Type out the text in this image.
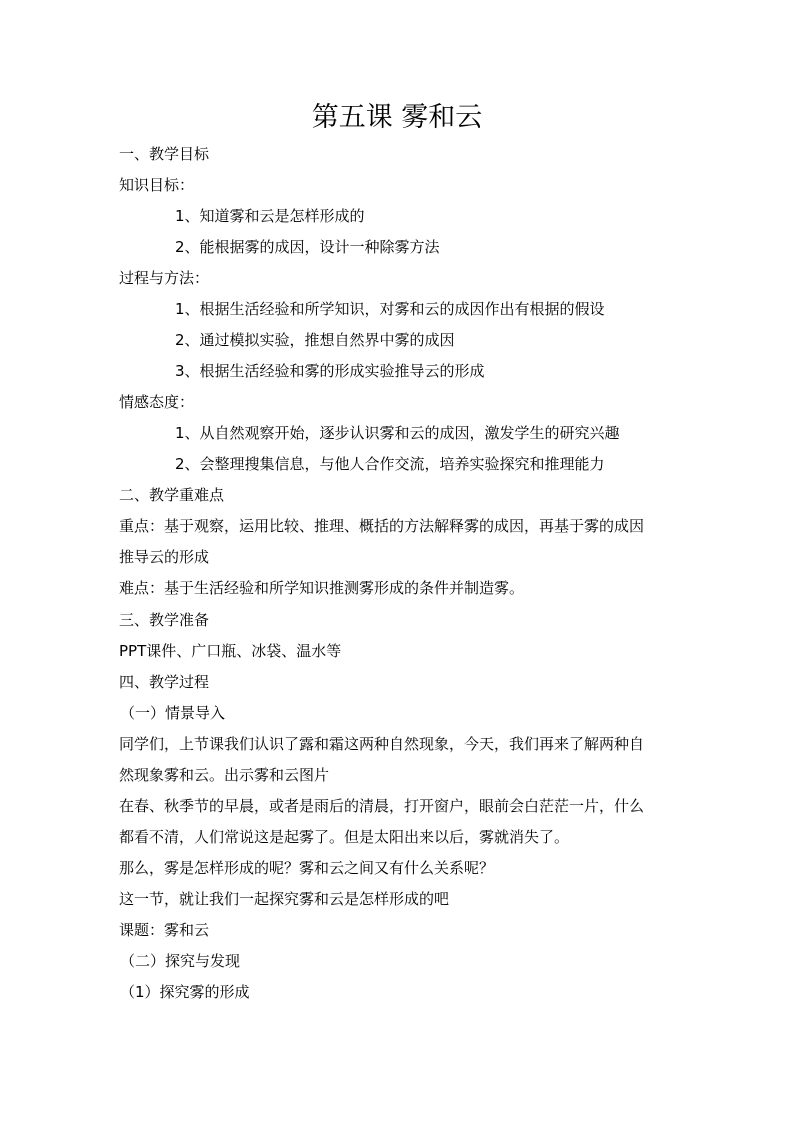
第五课 雾和云
一、教学目标
知识目标：
1、知道雾和云是怎样形成的
2、能根据雾的成因，设计一种除雾方法
过程与方法：
1、根据生活经验和所学知识，对雾和云的成因作出有根据的假设
2、通过模拟实验，推想自然界中雾的成因
3、根据生活经验和雾的形成实验推导云的形成
情感态度：
1、从自然观察开始，逐步认识雾和云的成因，激发学生的研究兴趣
2、会整理搜集信息，与他人合作交流，培养实验探究和推理能力
二、教学重难点
重点：基于观察，运用比较、推理、概括的方法解释雾的成因，再基于雾的成因
推导云的形成
难点：基于生活经验和所学知识推测雾形成的条件并制造雾。
三、教学准备
PPT课件、广口瓶、冰袋、温水等
四、教学过程
（一）情景导入
同学们，上节课我们认识了露和霜这两种自然现象，今天，我们再来了解两种自
然现象雾和云。出示雾和云图片
在春、秋季节的早晨，或者是雨后的清晨，打开窗户，眼前会白茫茫一片，什么
都看不清，人们常说这是起雾了。但是太阳出来以后，雾就消失了。
那么，雾是怎样形成的呢？雾和云之间又有什么关系呢？
这一节，就让我们一起探究雾和云是怎样形成的吧
课题：雾和云
（二）探究与发现
（1）探究雾的形成
